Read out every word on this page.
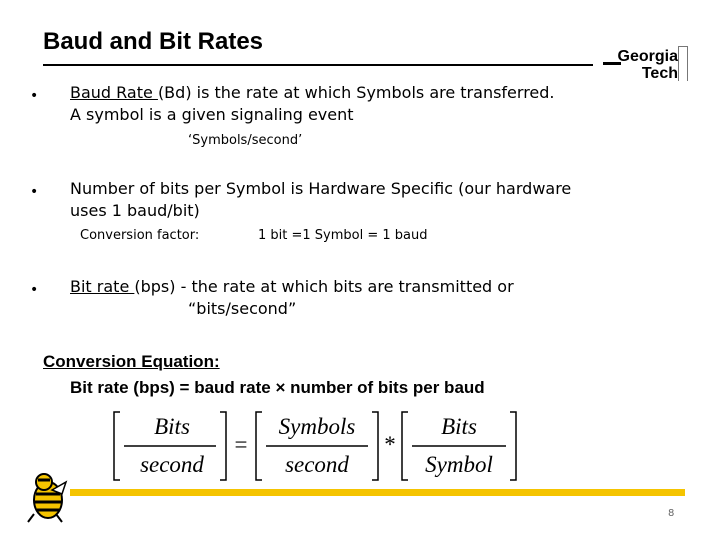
Baud and Bit Rates
Georgia
Tech
• Baud Rate (Bd) is the rate at which Symbols are transferred.
A symbol is a given signaling event
‘Symbols/second’
• Number of bits per Symbol is Hardware Specific (our hardware
uses 1 baud/bit)
Conversion factor:	1 bit =1 Symbol = 1 baud
• Bit rate (bps) - the rate at which bits are transmitted or
“bits/second”
Conversion Equation:
Bit rate (bps) = baud rate × number of bits per baud
Bits
second
=
Symbols
second
*
Bits
Symbol
8
